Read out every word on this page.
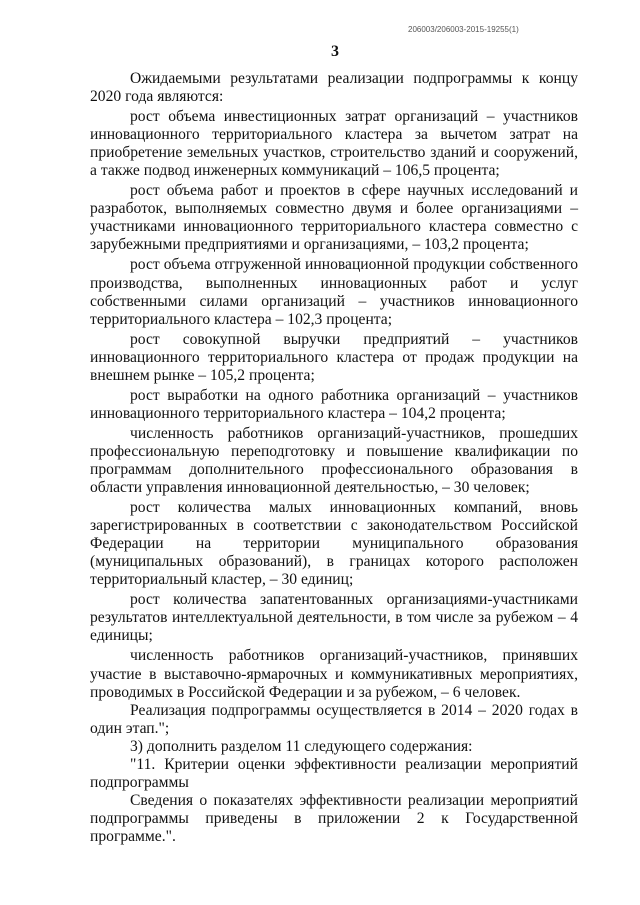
206003/206003-2015-19255(1)
3

Ожидаемыми результатами реализации подпрограммы к концу 2020 года являются:

рост объема инвестиционных затрат организаций – участников инновационного территориального кластера за вычетом затрат на приобретение земельных участков, строительство зданий и сооружений, а также подвод инженерных коммуникаций – 106,5 процента;

рост объема работ и проектов в сфере научных исследований и разработок, выполняемых совместно двумя и более организациями – участниками инновационного территориального кластера совместно с зарубежными предприятиями и организациями, – 103,2 процента;

рост объема отгруженной инновационной продукции собственного производства, выполненных инновационных работ и услуг собственными силами организаций – участников инновационного территориального кластера – 102,3 процента;

рост совокупной выручки предприятий – участников инновационного территориального кластера от продаж продукции на внешнем рынке – 105,2 процента;

рост выработки на одного работника организаций – участников инновационного территориального кластера – 104,2 процента;

численность работников организаций-участников, прошедших профессиональную переподготовку и повышение квалификации по программам дополнительного профессионального образования в области управления инновационной деятельностью, – 30 человек;

рост количества малых инновационных компаний, вновь зарегистрированных в соответствии с законодательством Российской Федерации на территории муниципального образования (муниципальных образований), в границах которого расположен территориальный кластер, – 30 единиц;

рост количества запатентованных организациями-участниками результатов интеллектуальной деятельности, в том числе за рубежом – 4 единицы;

численность работников организаций-участников, принявших участие в выставочно-ярмарочных и коммуникативных мероприятиях, проводимых в Российской Федерации и за рубежом, – 6 человек.

Реализация подпрограммы осуществляется в 2014 – 2020 годах в один этап.";

3) дополнить разделом 11 следующего содержания:

"11. Критерии оценки эффективности реализации мероприятий подпрограммы

Сведения о показателях эффективности реализации мероприятий подпрограммы приведены в приложении 2 к Государственной программе.".
